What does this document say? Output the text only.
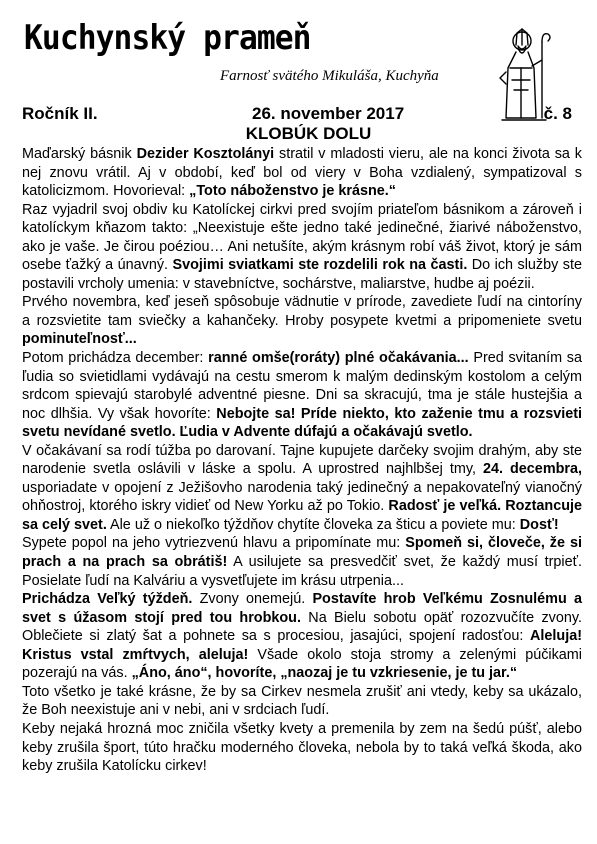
Kuchynský prameň
Farnosť svätého Mikuláša, Kuchyňa
Ročník II.	26. november 2017	č. 8
KLOBÚK DOLU

Maďarský básnik Dezider Kosztolányi stratil v mladosti vieru, ale na konci života sa k nej znovu vrátil. Aj v období, keď bol od viery v Boha vzdialený, sympatizoval s katolicizmom. Hovorieval: „Toto náboženstvo je krásne.“

Raz vyjadril svoj obdiv ku Katolíckej cirkvi pred svojím priateľom básnikom a zároveň i katolíckym kňazom takto: „Neexistuje ešte jedno také jedinečné, žiarivé náboženstvo, ako je vaše. Je čirou poéziou… Ani netušíte, akým krásnym robí váš život, ktorý je sám osebe ťažký a únavný. Svojimi sviatkami ste rozdelili rok na časti. Do ich služby ste postavili vrcholy umenia: v stavebníctve, sochárstve, maliarstve, hudbe aj poézii.

Prvého novembra, keď jeseň spôsobuje vädnutie v prírode, zavediete ľudí na cintoríny a rozsvietite tam sviečky a kahančeky. Hroby posypete kvetmi a pripomeniete svetu pominuteľnosť...

Potom prichádza december: ranné omše(roráty) plné očakávania... Pred svitaním sa ľudia so svietidlami vydávajú na cestu smerom k malým dedinským kostolom a celým srdcom spievajú starobylé adventné piesne. Dni sa skracujú, tma je stále hustejšia a noc dlhšia. Vy však hovoríte: Nebojte sa! Príde niekto, kto zaženie tmu a rozsvieti svetu nevídané svetlo. Ľudia v Advente dúfajú a očakávajú svetlo.

V očakávaní sa rodí túžba po darovaní. Tajne kupujete darčeky svojim drahým, aby ste narodenie svetla oslávili v láske a spolu. A uprostred najhlbšej tmy, 24. decembra, usporiadate v opojení z Ježišovho narodenia taký jedinečný a nepakovateľný vianočný ohňostroj, ktorého iskry vidieť od New Yorku až po Tokio. Radosť je veľká. Roztancuje sa celý svet. Ale už o niekoľko týždňov chytíte človeka za šticu a poviete mu: Dosť!

Sypete popol na jeho vytriezvenú hlavu a pripomínate mu: Spomeň si, človeče, že si prach a na prach sa obrátiš! A usilujete sa presvedčiť svet, že každý musí trpieť. Posielate ľudí na Kalváriu a vysvetľujete im krásu utrpenia...

Prichádza Veľký týždeň. Zvony onemejú. Postavíte hrob Veľkému Zosnulému a svet s úžasom stojí pred tou hrobkou. Na Bielu sobotu opäť rozozvučíte zvony. Oblečiete si zlatý šat a pohnete sa s procesiou, jasajúci, spojení radosťou: Aleluja! Kristus vstal zmŕtvych, aleluja! Všade okolo stoja stromy a zelenými púčikami pozerajú na vás. „Áno, áno“, hovoríte, „naozaj je tu vzkriesenie, je tu jar.“

Toto všetko je také krásne, že by sa Cirkev nesmela zrušiť ani vtedy, keby sa ukázalo, že Boh neexistuje ani v nebi, ani v srdciach ľudí.

Keby nejaká hrozná moc zničila všetky kvety a premenila by zem na šedú púšť, alebo keby zrušila šport, túto hračku moderného človeka, nebola by to taká veľká škoda, ako keby zrušila Katolícku cirkev!
